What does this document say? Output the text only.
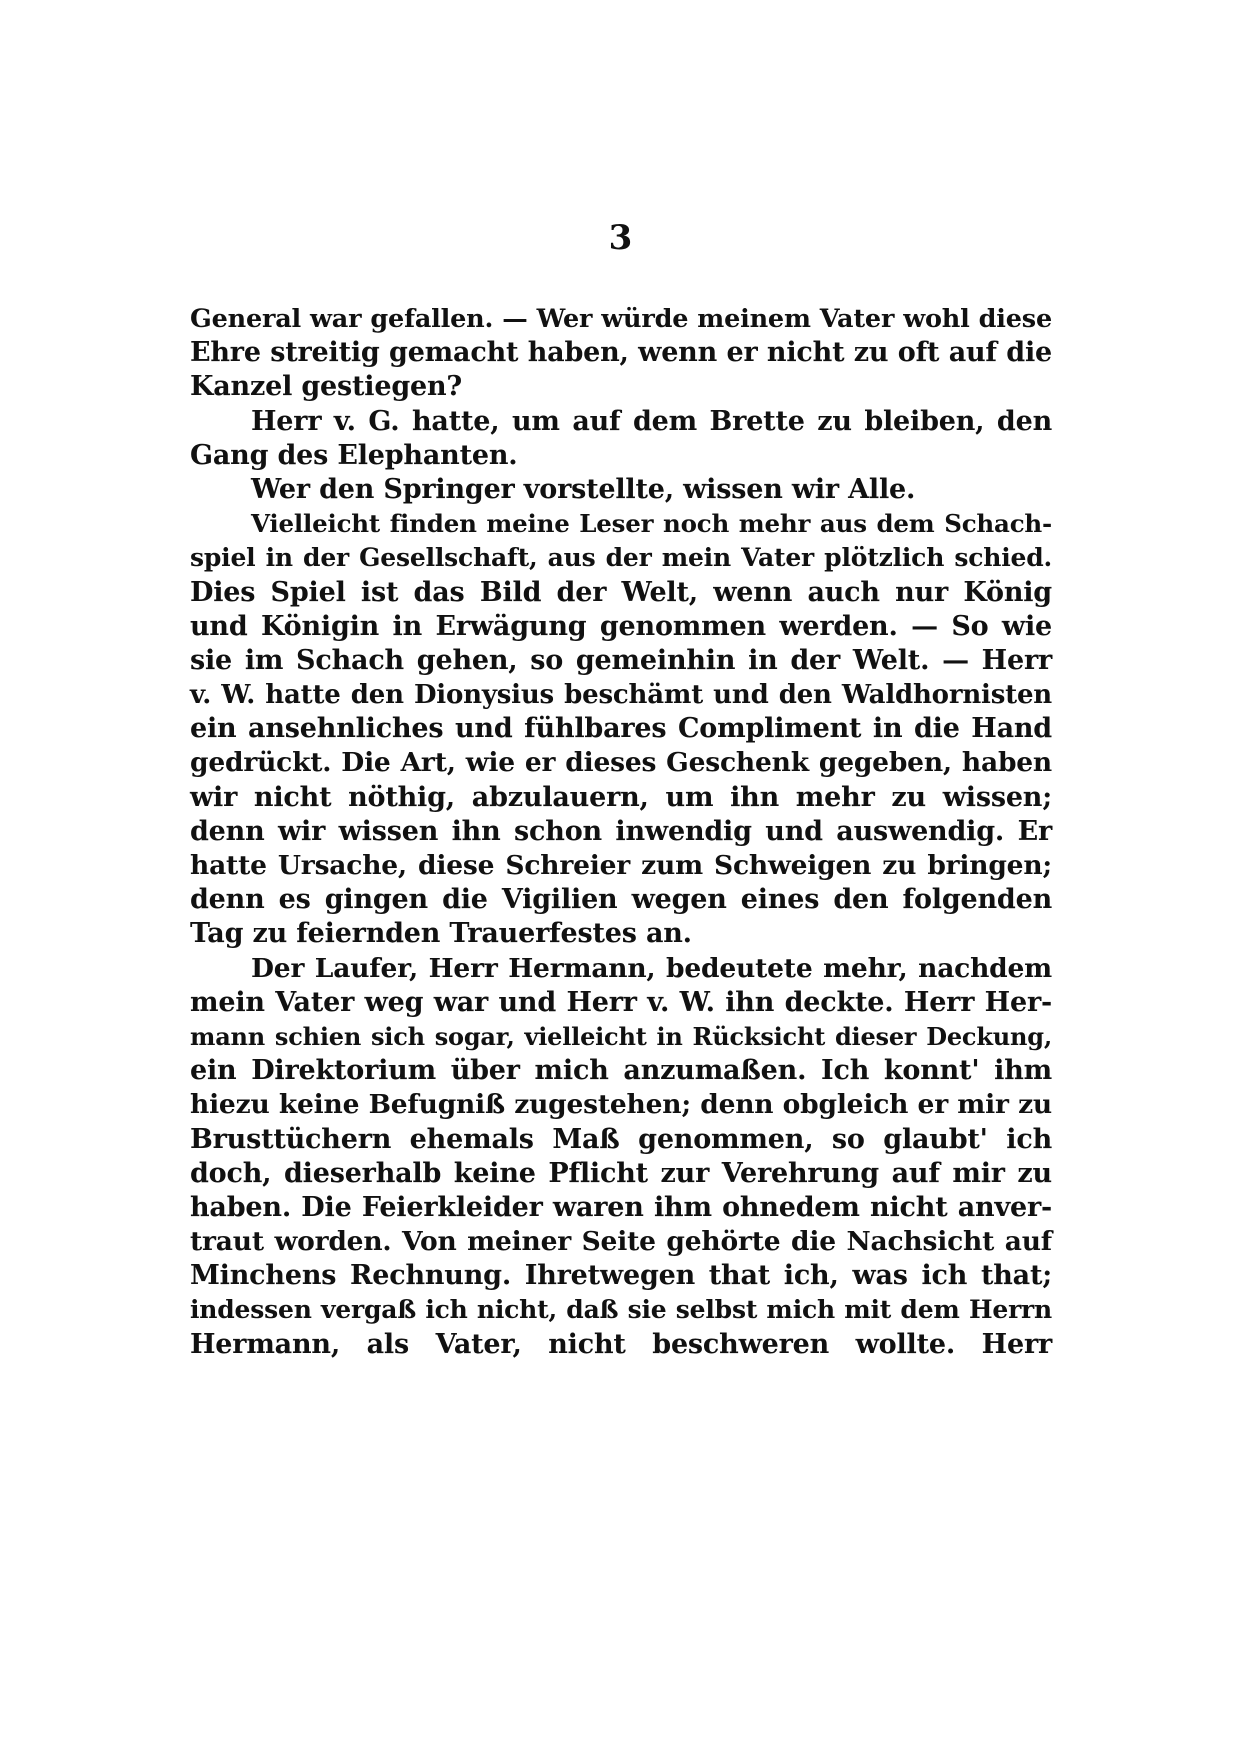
3
General war gefallen. — Wer würde meinem Vater wohl diese
Ehre streitig gemacht haben, wenn er nicht zu oft auf die
Kanzel gestiegen?
Herr v. G. hatte, um auf dem Brette zu bleiben, den
Gang des Elephanten.
Wer den Springer vorstellte, wissen wir Alle.
Vielleicht finden meine Leser noch mehr aus dem Schach-
spiel in der Gesellschaft, aus der mein Vater plötzlich schied.
Dies Spiel ist das Bild der Welt, wenn auch nur König
und Königin in Erwägung genommen werden. — So wie
sie im Schach gehen, so gemeinhin in der Welt. — Herr
v. W. hatte den Dionysius beschämt und den Waldhornisten
ein ansehnliches und fühlbares Compliment in die Hand
gedrückt. Die Art, wie er dieses Geschenk gegeben, haben
wir nicht nöthig, abzulauern, um ihn mehr zu wissen;
denn wir wissen ihn schon inwendig und auswendig. Er
hatte Ursache, diese Schreier zum Schweigen zu bringen;
denn es gingen die Vigilien wegen eines den folgenden
Tag zu feiernden Trauerfestes an.
Der Laufer, Herr Hermann, bedeutete mehr, nachdem
mein Vater weg war und Herr v. W. ihn deckte. Herr Her-
mann schien sich sogar, vielleicht in Rücksicht dieser Deckung,
ein Direktorium über mich anzumaßen. Ich konnt' ihm
hiezu keine Befugniß zugestehen; denn obgleich er mir zu
Brusttüchern ehemals Maß genommen, so glaubt' ich
doch, dieserhalb keine Pflicht zur Verehrung auf mir zu
haben. Die Feierkleider waren ihm ohnedem nicht anver-
traut worden. Von meiner Seite gehörte die Nachsicht auf
Minchens Rechnung. Ihretwegen that ich, was ich that;
indessen vergaß ich nicht, daß sie selbst mich mit dem Herrn
Hermann, als Vater, nicht beschweren wollte. Herr
